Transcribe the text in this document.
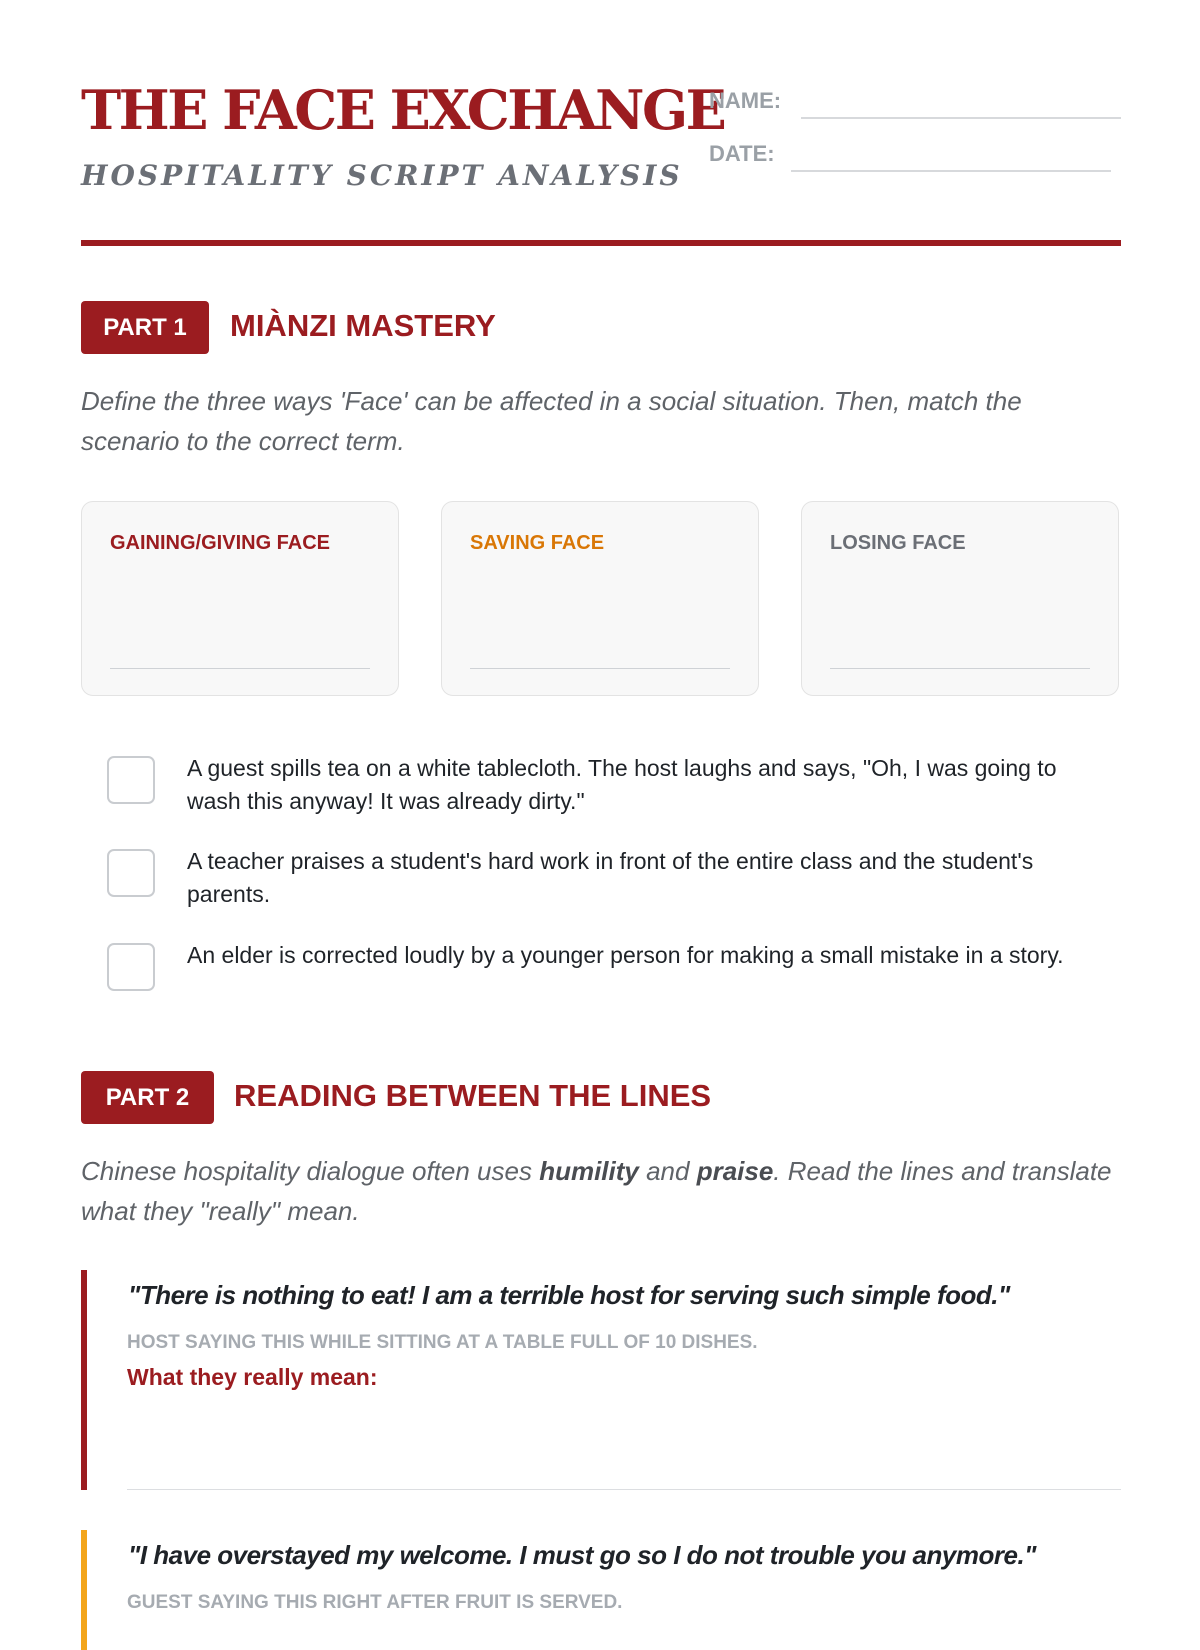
THE FACE EXCHANGE
HOSPITALITY SCRIPT ANALYSIS
NAME:
DATE:
PART 1	MIÀNZI MASTERY
Define the three ways 'Face' can be affected in a social situation. Then, match the scenario to the correct term.
GAINING/GIVING FACE	SAVING FACE	LOSING FACE
A guest spills tea on a white tablecloth. The host laughs and says, "Oh, I was going to wash this anyway! It was already dirty."
A teacher praises a student's hard work in front of the entire class and the student's parents.
An elder is corrected loudly by a younger person for making a small mistake in a story.
PART 2	READING BETWEEN THE LINES
Chinese hospitality dialogue often uses humility and praise. Read the lines and translate what they "really" mean.
"There is nothing to eat! I am a terrible host for serving such simple food."
HOST SAYING THIS WHILE SITTING AT A TABLE FULL OF 10 DISHES.
What they really mean:
"I have overstayed my welcome. I must go so I do not trouble you anymore."
GUEST SAYING THIS RIGHT AFTER FRUIT IS SERVED.
